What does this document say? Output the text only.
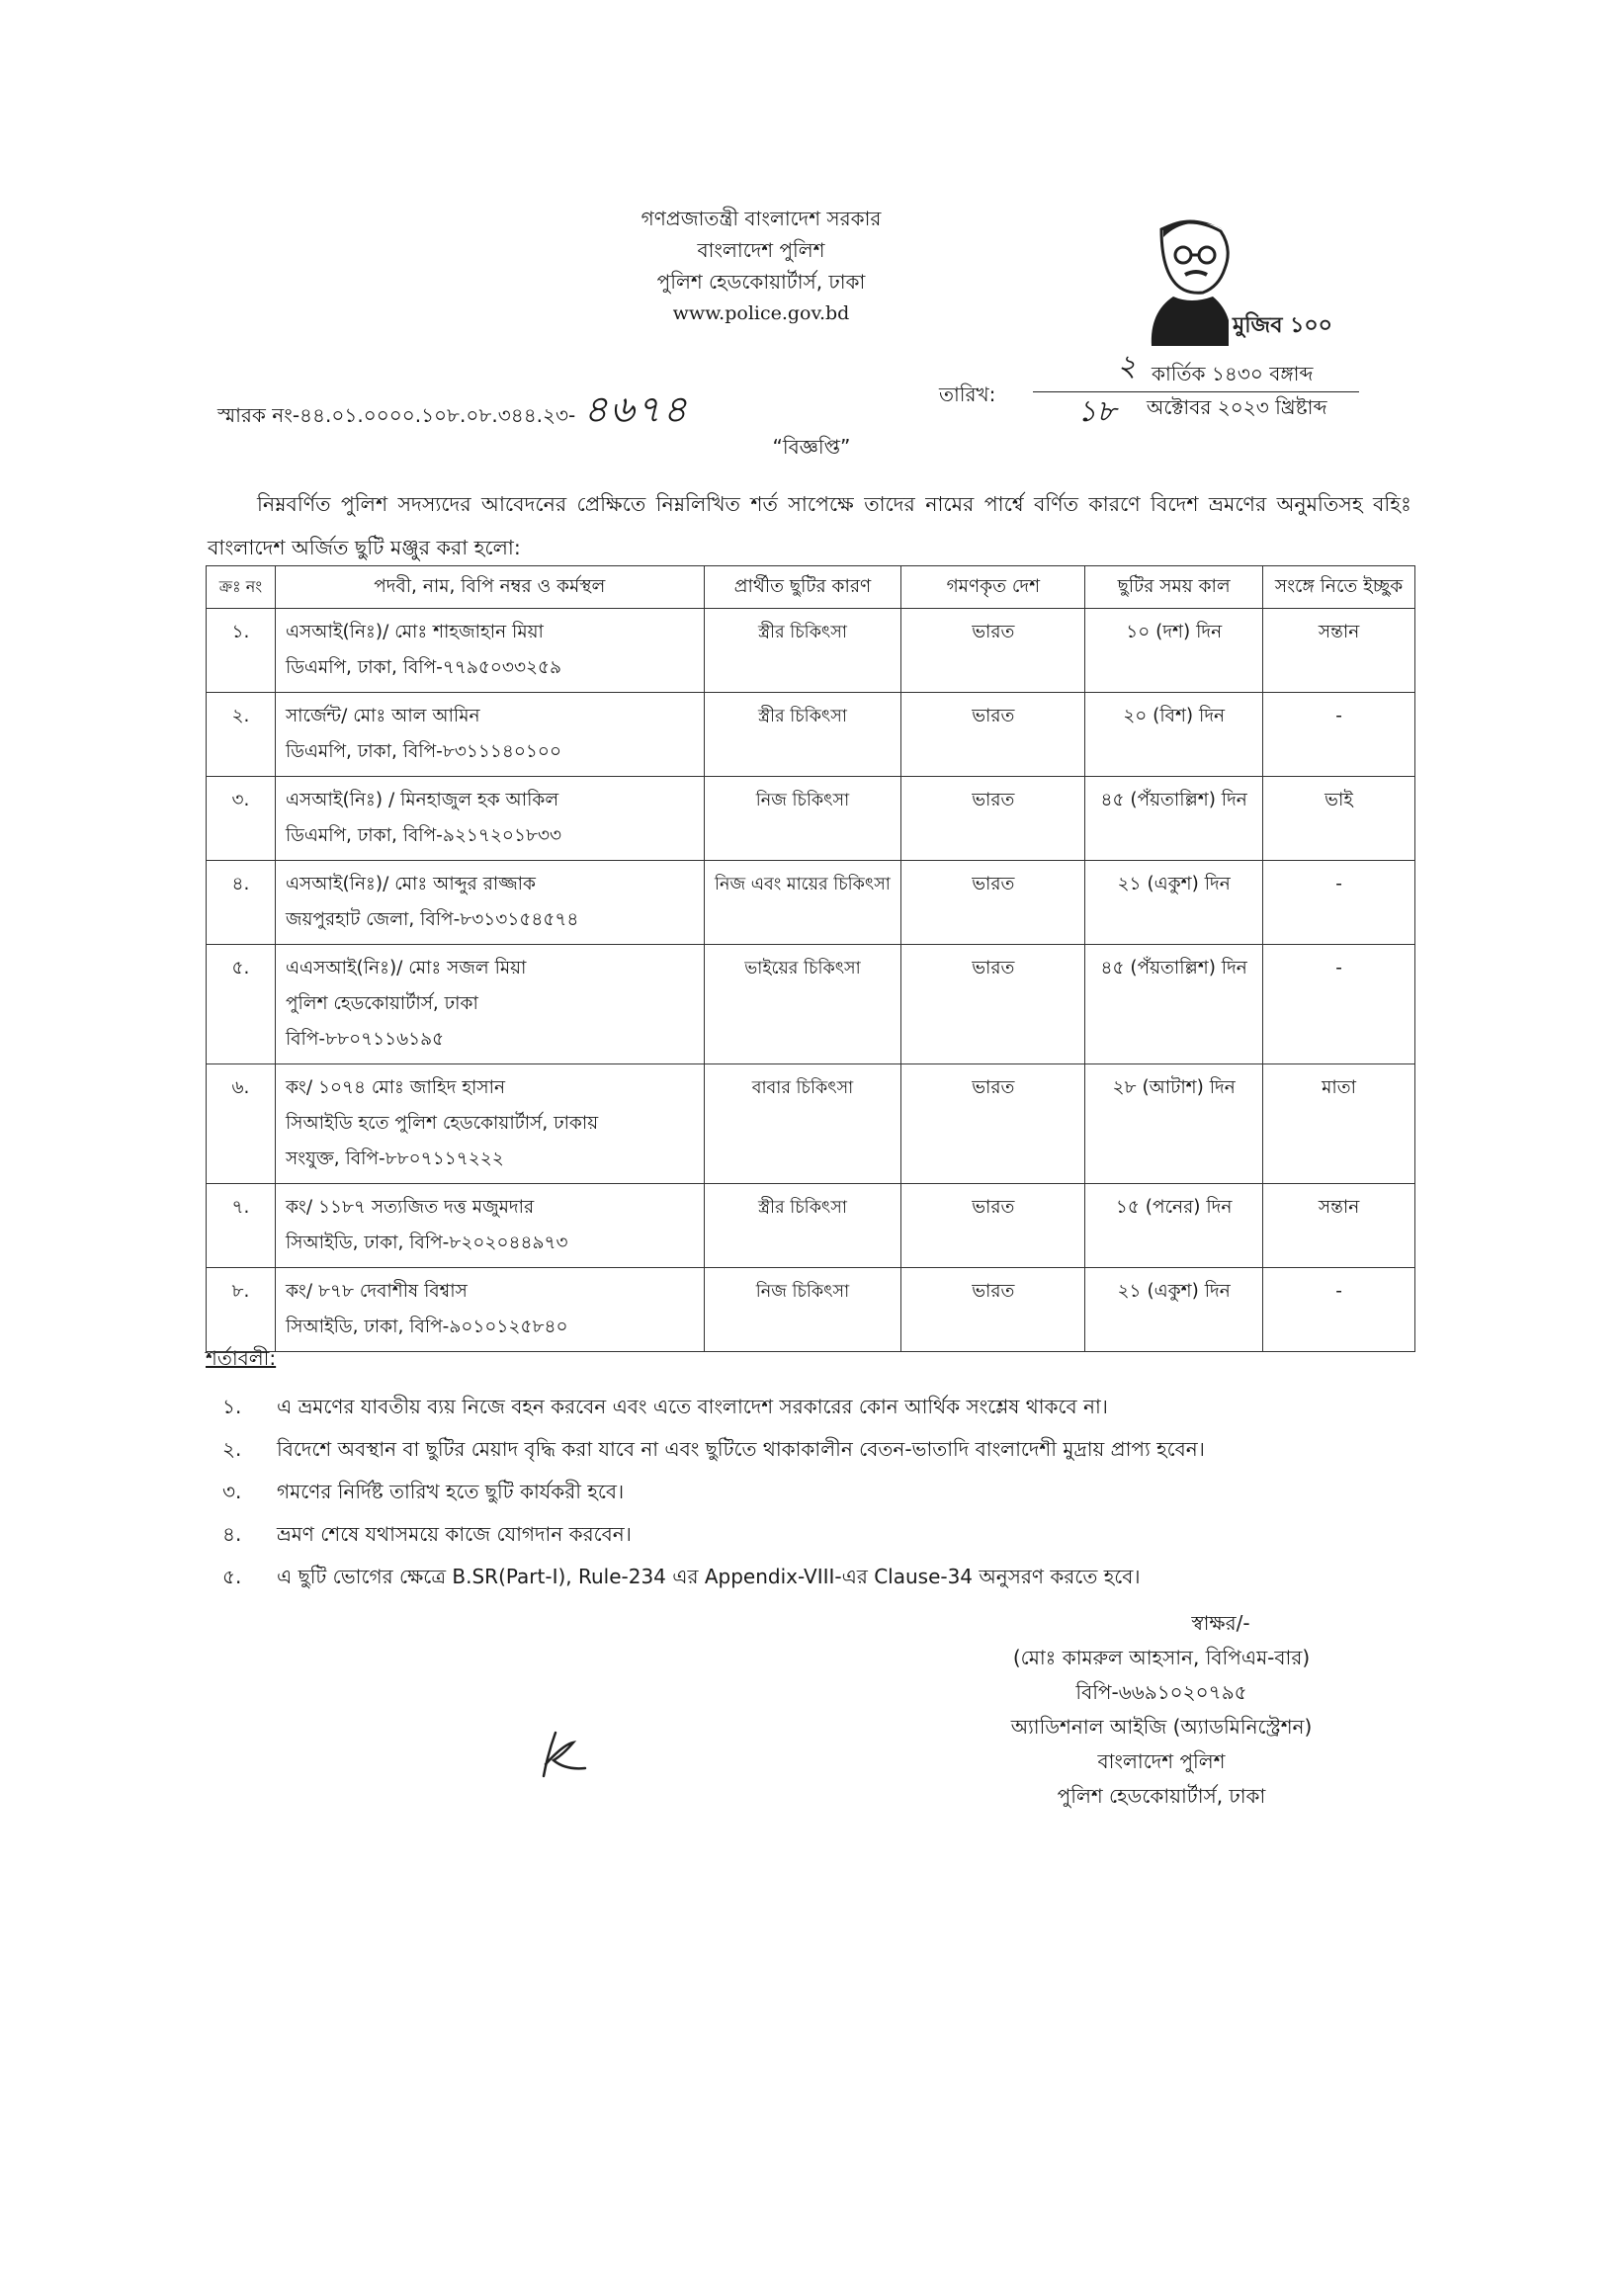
গণপ্রজাতন্ত্রী বাংলাদেশ সরকার
বাংলাদেশ পুলিশ
পুলিশ হেডকোয়ার্টার্স, ঢাকা
www.police.gov.bd	মুজিব ১০০
স্মারক নং-৪৪.০১.০০০০.১০৮.০৮.৩৪৪.২৩- ৪৬৭৪	তারিখ:
২ কার্তিক ১৪৩০ বঙ্গাব্দ
১৮ অক্টোবর ২০২৩ খ্রিষ্টাব্দ
“বিজ্ঞপ্তি”

নিম্নবর্ণিত পুলিশ সদস্যদের আবেদনের প্রেক্ষিতে নিম্নলিখিত শর্ত সাপেক্ষে তাদের নামের পার্শ্বে বর্ণিত কারণে বিদেশ ভ্রমণের অনুমতিসহ বহিঃ বাংলাদেশ অর্জিত ছুটি মঞ্জুর করা হলো:

ক্রঃ নং	পদবী, নাম, বিপি নম্বর ও কর্মস্থল	প্রার্থীত ছুটির কারণ	গমণকৃত দেশ	ছুটির সময় কাল	সংঙ্গে নিতে ইচ্ছুক
১.	এসআই(নিঃ)/ মোঃ শাহজাহান মিয়া
ডিএমপি, ঢাকা, বিপি-৭৭৯৫০৩৩২৫৯	স্ত্রীর চিকিৎসা	ভারত	১০ (দশ) দিন	সন্তান
২.	সার্জেন্ট/ মোঃ আল আমিন
ডিএমপি, ঢাকা, বিপি-৮৩১১১৪০১০০	স্ত্রীর চিকিৎসা	ভারত	২০ (বিশ) দিন	-
৩.	এসআই(নিঃ) / মিনহাজুল হক আকিল
ডিএমপি, ঢাকা, বিপি-৯২১৭২০১৮৩৩	নিজ চিকিৎসা	ভারত	৪৫ (পঁয়তাল্লিশ) দিন	ভাই
৪.	এসআই(নিঃ)/ মোঃ আব্দুর রাজ্জাক
জয়পুরহাট জেলা, বিপি-৮৩১৩১৫৪৫৭৪	নিজ এবং মায়ের চিকিৎসা	ভারত	২১ (একুশ) দিন	-
৫.	এএসআই(নিঃ)/ মোঃ সজল মিয়া
পুলিশ হেডকোয়ার্টার্স, ঢাকা
বিপি-৮৮০৭১১৬১৯৫	ভাইয়ের চিকিৎসা	ভারত	৪৫ (পঁয়তাল্লিশ) দিন	-
৬.	কং/ ১০৭৪ মোঃ জাহিদ হাসান
সিআইডি হতে পুলিশ হেডকোয়ার্টার্স, ঢাকায়
সংযুক্ত, বিপি-৮৮০৭১১৭২২২	বাবার চিকিৎসা	ভারত	২৮ (আটাশ) দিন	মাতা
৭.	কং/ ১১৮৭ সত্যজিত দত্ত মজুমদার
সিআইডি, ঢাকা, বিপি-৮২০২০৪৪৯৭৩	স্ত্রীর চিকিৎসা	ভারত	১৫ (পনের) দিন	সন্তান
৮.	কং/ ৮৭৮ দেবাশীষ বিশ্বাস
সিআইডি, ঢাকা, বিপি-৯০১০১২৫৮৪০	নিজ চিকিৎসা	ভারত	২১ (একুশ) দিন	-
শর্তাবলী:
১.	এ ভ্রমণের যাবতীয় ব্যয় নিজে বহন করবেন এবং এতে বাংলাদেশ সরকারের কোন আর্থিক সংশ্লেষ থাকবে না।
২.	বিদেশে অবস্থান বা ছুটির মেয়াদ বৃদ্ধি করা যাবে না এবং ছুটিতে থাকাকালীন বেতন-ভাতাদি বাংলাদেশী মুদ্রায় প্রাপ্য হবেন।
৩.	গমণের নির্দিষ্ট তারিখ হতে ছুটি কার্যকরী হবে।
৪.	ভ্রমণ শেষে যথাসময়ে কাজে যোগদান করবেন।
৫.	এ ছুটি ভোগের ক্ষেত্রে B.SR(Part-I), Rule-234 এর Appendix-VIII-এর Clause-34 অনুসরণ করতে হবে।
স্বাক্ষর/-
(মোঃ কামরুল আহসান, বিপিএম-বার)
বিপি-৬৬৯১০২০৭৯৫
অ্যাডিশনাল আইজি (অ্যাডমিনিস্ট্রেশন)
বাংলাদেশ পুলিশ
পুলিশ হেডকোয়ার্টার্স, ঢাকা
